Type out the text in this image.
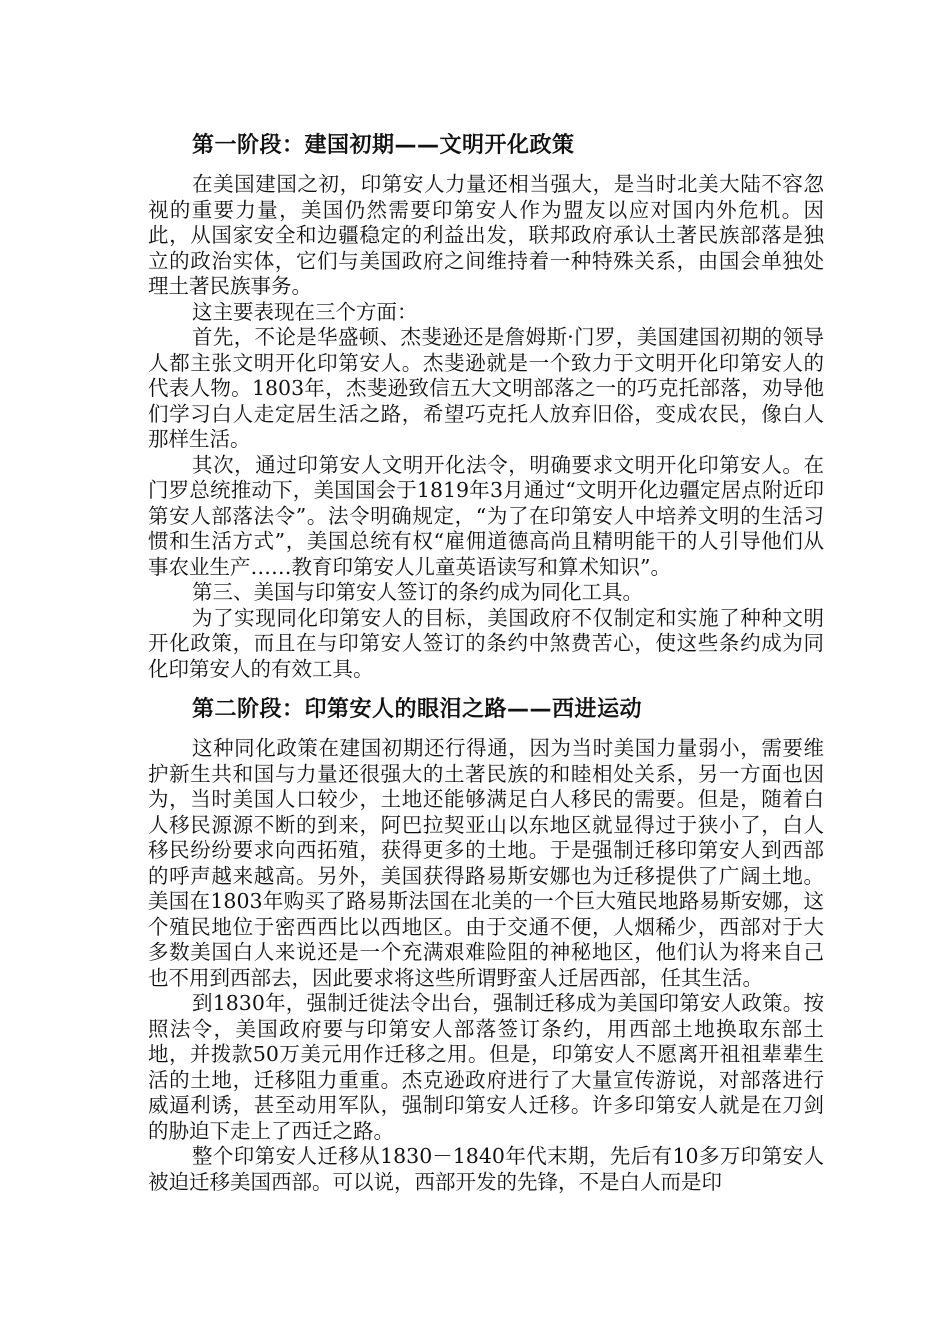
第一阶段：建国初期——文明开化政策

在美国建国之初，印第安人力量还相当强大，是当时北美大陆不容忽视的重要力量，美国仍然需要印第安人作为盟友以应对国内外危机。因此，从国家安全和边疆稳定的利益出发，联邦政府承认土著民族部落是独立的政治实体，它们与美国政府之间维持着一种特殊关系，由国会单独处理土著民族事务。

这主要表现在三个方面：

首先，不论是华盛顿、杰斐逊还是詹姆斯·门罗，美国建国初期的领导人都主张文明开化印第安人。杰斐逊就是一个致力于文明开化印第安人的代表人物。1803年，杰斐逊致信五大文明部落之一的巧克托部落，劝导他们学习白人走定居生活之路，希望巧克托人放弃旧俗，变成农民，像白人那样生活。

其次，通过印第安人文明开化法令，明确要求文明开化印第安人。在门罗总统推动下，美国国会于1819年3月通过“文明开化边疆定居点附近印第安人部落法令”。法令明确规定，“为了在印第安人中培养文明的生活习惯和生活方式”，美国总统有权“雇佣道德高尚且精明能干的人引导他们从事农业生产……教育印第安人儿童英语读写和算术知识”。

第三、美国与印第安人签订的条约成为同化工具。

为了实现同化印第安人的目标，美国政府不仅制定和实施了种种文明开化政策，而且在与印第安人签订的条约中煞费苦心，使这些条约成为同化印第安人的有效工具。

第二阶段：印第安人的眼泪之路——西进运动

这种同化政策在建国初期还行得通，因为当时美国力量弱小，需要维护新生共和国与力量还很强大的土著民族的和睦相处关系，另一方面也因为，当时美国人口较少，土地还能够满足白人移民的需要。但是，随着白人移民源源不断的到来，阿巴拉契亚山以东地区就显得过于狭小了，白人移民纷纷要求向西拓殖，获得更多的土地。于是强制迁移印第安人到西部的呼声越来越高。另外，美国获得路易斯安娜也为迁移提供了广阔土地。美国在1803年购买了路易斯法国在北美的一个巨大殖民地路易斯安娜，这个殖民地位于密西西比以西地区。由于交通不便，人烟稀少，西部对于大多数美国白人来说还是一个充满艰难险阻的神秘地区，他们认为将来自己也不用到西部去，因此要求将这些所谓野蛮人迁居西部，任其生活。

到1830年，强制迁徙法令出台，强制迁移成为美国印第安人政策。按照法令，美国政府要与印第安人部落签订条约，用西部土地换取东部土地，并拨款50万美元用作迁移之用。但是，印第安人不愿离开祖祖辈辈生活的土地，迁移阻力重重。杰克逊政府进行了大量宣传游说，对部落进行威逼利诱，甚至动用军队，强制印第安人迁移。许多印第安人就是在刀剑的胁迫下走上了西迁之路。

整个印第安人迁移从1830－1840年代末期，先后有10多万印第安人被迫迁移美国西部。可以说，西部开发的先锋，不是白人而是印
